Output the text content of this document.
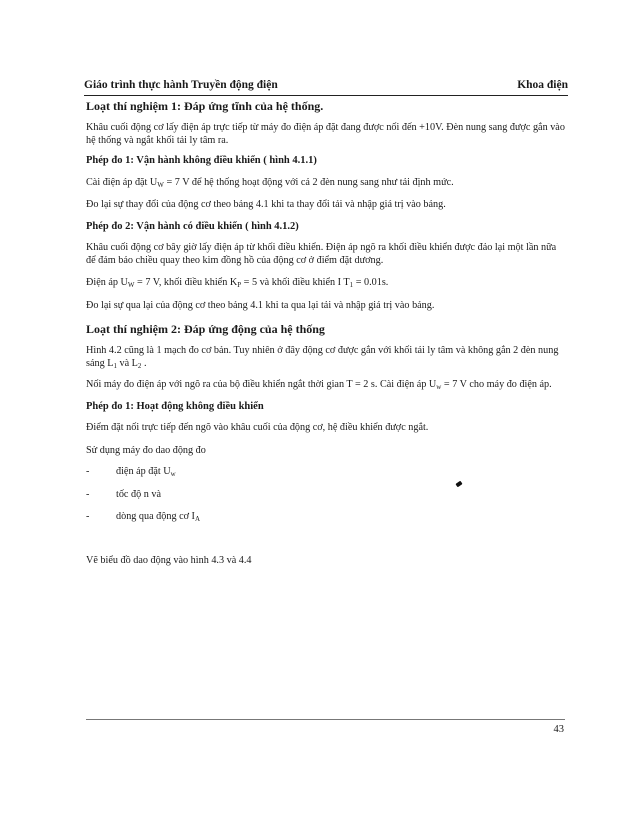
Giáo trình thực hành Truyền động điện	Khoa điện

Loạt thí nghiệm 1: Đáp ứng tĩnh của hệ thống.

Khâu cuối động cơ lấy điện áp trực tiếp từ máy đo điện áp đặt đang được nối đến +10V. Đèn nung sang được gắn vào hệ thống và ngắt khối tải ly tâm ra.

Phép đo 1: Vận hành không điều khiển ( hình 4.1.1)

Cài điện áp đặt $U_W = 7$ V để hệ thống hoạt động với cả 2 đèn nung sang như tải định mức.

Đo lại sự thay đổi của động cơ theo bảng 4.1 khi ta thay đổi tải và nhập giá trị vào bảng.

Phép đo 2: Vận hành có điều khiển ( hình 4.1.2)

Khâu cuối động cơ bây giờ lấy điện áp từ khối điều khiển. Điện áp ngõ ra khối điều khiển được đảo lại một lần nữa để đảm bảo chiều quay theo kim đồng hồ của động cơ ở điểm đặt dương.

Điện áp $U_W = 7$ V, khối điều khiển $K_P = 5$ và khối điều khiển I $T_1 = 0.01s$.

Đo lại sự qua lại của động cơ theo bảng 4.1 khi ta qua lại tải và nhập giá trị vào bảng.

Loạt thí nghiệm 2: Đáp ứng động của hệ thống

Hình 4.2 cũng là 1 mạch đo cơ bản. Tuy nhiên ở đây động cơ được gắn với khối tải ly tâm và không gắn 2 đèn nung sáng $L_1$ và $L_2$ .

Nối máy đo điện áp với ngõ ra của bộ điều khiển ngắt thời gian T = 2 s. Cài điện áp $U_w = 7$ V cho máy đo điện áp.

Phép đo 1: Hoạt động không điều khiển

Điểm đặt nối trực tiếp đến ngõ vào khâu cuối của động cơ, hệ điều khiển được ngắt.

Sử dụng máy đo dao động đo

-	điện áp đặt $U_w$

-	tốc độ n và

-	dòng qua động cơ $I_A$

Vẽ biểu đồ dao động vào hình 4.3 và 4.4

43
